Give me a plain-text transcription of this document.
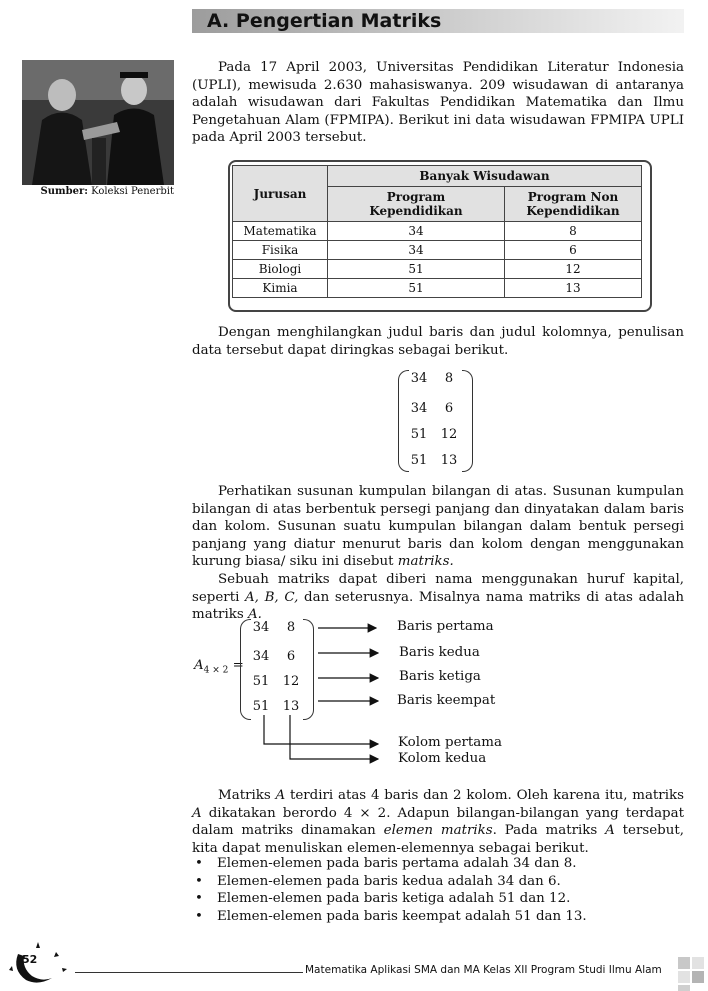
A. Pengertian Matriks
Sumber: Koleksi Penerbit
Pada 17 April 2003, Universitas Pendidikan Literatur Indonesia (UPLI), mewisuda 2.630 mahasiswanya. 209 wisudawan di antaranya adalah wisudawan dari Fakultas Pendidikan Matematika dan Ilmu Pengetahuan Alam (FPMIPA). Berikut ini data wisudawan FPMIPA UPLI pada April 2003 tersebut.
Jurusan	Banyak Wisudawan	
	Program Kependidikan	Program Non Kependidikan
Matematika	34	8
Fisika	34	6
Biologi	51	12
Kimia	51	13
Dengan menghilangkan judul baris dan judul kolomnya, penulisan data tersebut dapat diringkas sebagai berikut.
34	8
34	6
51	12
51	13
Perhatikan susunan kumpulan bilangan di atas. Susunan kumpulan bilangan di atas berbentuk persegi panjang dan dinyatakan dalam baris dan kolom. Susunan suatu kumpulan bilangan dalam bentuk persegi panjang yang diatur menurut baris dan kolom dengan menggunakan kurung biasa/ siku ini disebut matriks.
Sebuah matriks dapat diberi nama menggunakan huruf kapital, seperti A, B, C, dan seterusnya. Misalnya nama matriks di atas adalah matriks A.
$A_{4 \times 2}$ =
34	8
34	6
51	12
51	13
Baris pertama
Baris kedua
Baris ketiga
Baris keempat
Kolom pertama
Kolom kedua
Matriks A terdiri atas 4 baris dan 2 kolom. Oleh karena itu, matriks A dikatakan berordo 4 × 2. Adapun bilangan-bilangan yang terdapat dalam matriks dinamakan elemen matriks. Pada matriks A tersebut, kita dapat menuliskan elemen-elemennya sebagai berikut.
• Elemen-elemen pada baris pertama adalah 34 dan 8.
• Elemen-elemen pada baris kedua adalah 34 dan 6.
• Elemen-elemen pada baris ketiga adalah 51 dan 12.
• Elemen-elemen pada baris keempat adalah 51 dan 13.
52
Matematika Aplikasi SMA dan MA Kelas XII Program Studi Ilmu Alam
